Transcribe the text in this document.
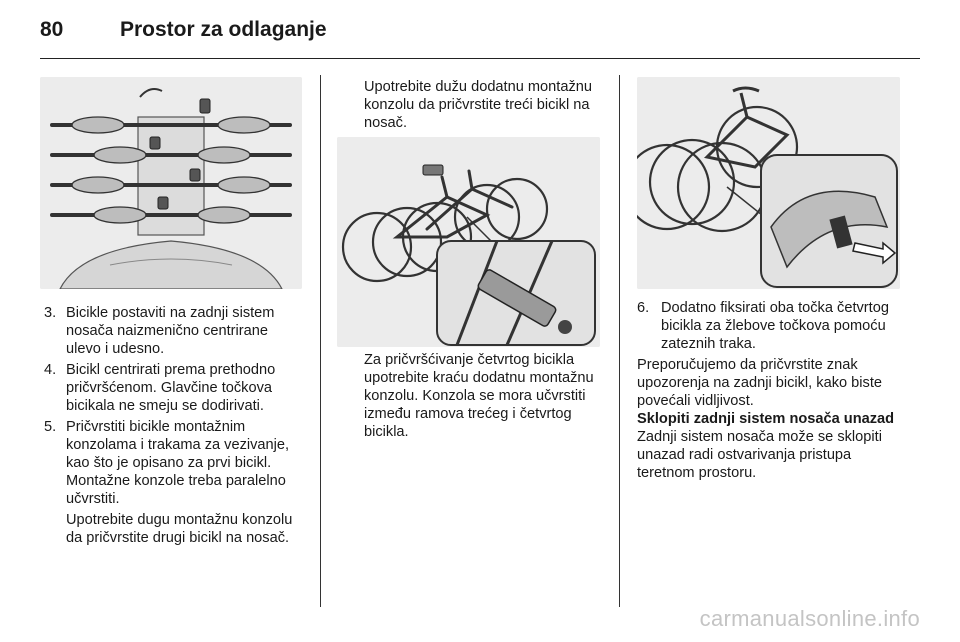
80	Prostor za odlaganje
3. Bicikle postaviti na zadnji sistem nosača naizmenično centrirane ulevo i udesno.
4. Bicikl centrirati prema prethodno pričvršćenom. Glavčine točkova bicikala ne smeju se dodirivati.
5. Pričvrstiti bicikle montažnim konzolama i trakama za vezivanje, kao što je opisano za prvi bicikl. Montažne konzole treba paralelno učvrstiti.

Upotrebite dugu montažnu konzolu da pričvrstite drugi bicikl na nosač.

Upotrebite dužu dodatnu montažnu konzolu da pričvrstite treći bicikl na nosač.

Za pričvršćivanje četvrtog bicikla upotrebite kraću dodatnu montažnu konzolu. Konzola se mora učvrstiti između ramova trećeg i četvrtog bicikla.

6. Dodatno fiksirati oba točka četvrtog bicikla za žlebove točkova pomoću zateznih traka.

Preporučujemo da pričvrstite znak upozorenja na zadnji bicikl, kako biste povećali vidljivost.

Sklopiti zadnji sistem nosača unazad

Zadnji sistem nosača može se sklopiti unazad radi ostvarivanja pristupa teretnom prostoru.

carmanualsonline.info
